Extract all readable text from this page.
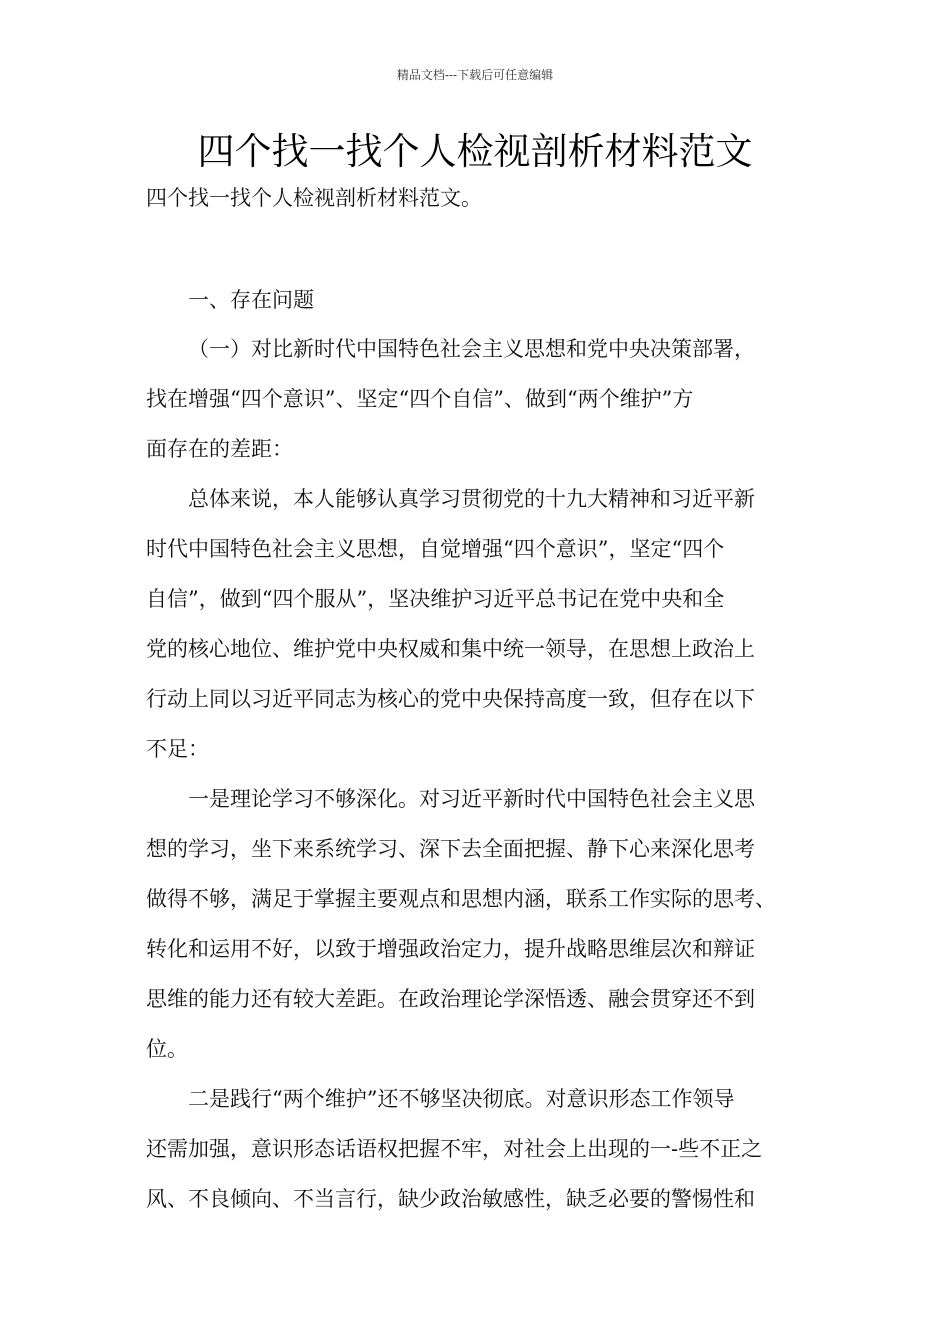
精品文档---下载后可任意编辑
四个找一找个人检视剖析材料范文
四个找一找个人检视剖析材料范文。
一、存在问题
（一）对比新时代中国特色社会主义思想和党中央决策部署，
找在增强“四个意识”、坚定“四个自信”、做到“两个维护”方
面存在的差距：
总体来说，本人能够认真学习贯彻党的十九大精神和习近平新
时代中国特色社会主义思想，自觉增强“四个意识”，坚定“四个
自信”，做到“四个服从”，坚决维护习近平总书记在党中央和全
党的核心地位、维护党中央权威和集中统一领导，在思想上政治上
行动上同以习近平同志为核心的党中央保持高度一致，但存在以下
不足：
一是理论学习不够深化。对习近平新时代中国特色社会主义思
想的学习，坐下来系统学习、深下去全面把握、静下心来深化思考
做得不够，满足于掌握主要观点和思想内涵，联系工作实际的思考、
转化和运用不好，以致于增强政治定力，提升战略思维层次和辩证
思维的能力还有较大差距。在政治理论学深悟透、融会贯穿还不到
位。
二是践行“两个维护”还不够坚决彻底。对意识形态工作领导
还需加强，意识形态话语权把握不牢，对社会上出现的一-些不正之
风、不良倾向、不当言行，缺少政治敏感性，缺乏必要的警惕性和
